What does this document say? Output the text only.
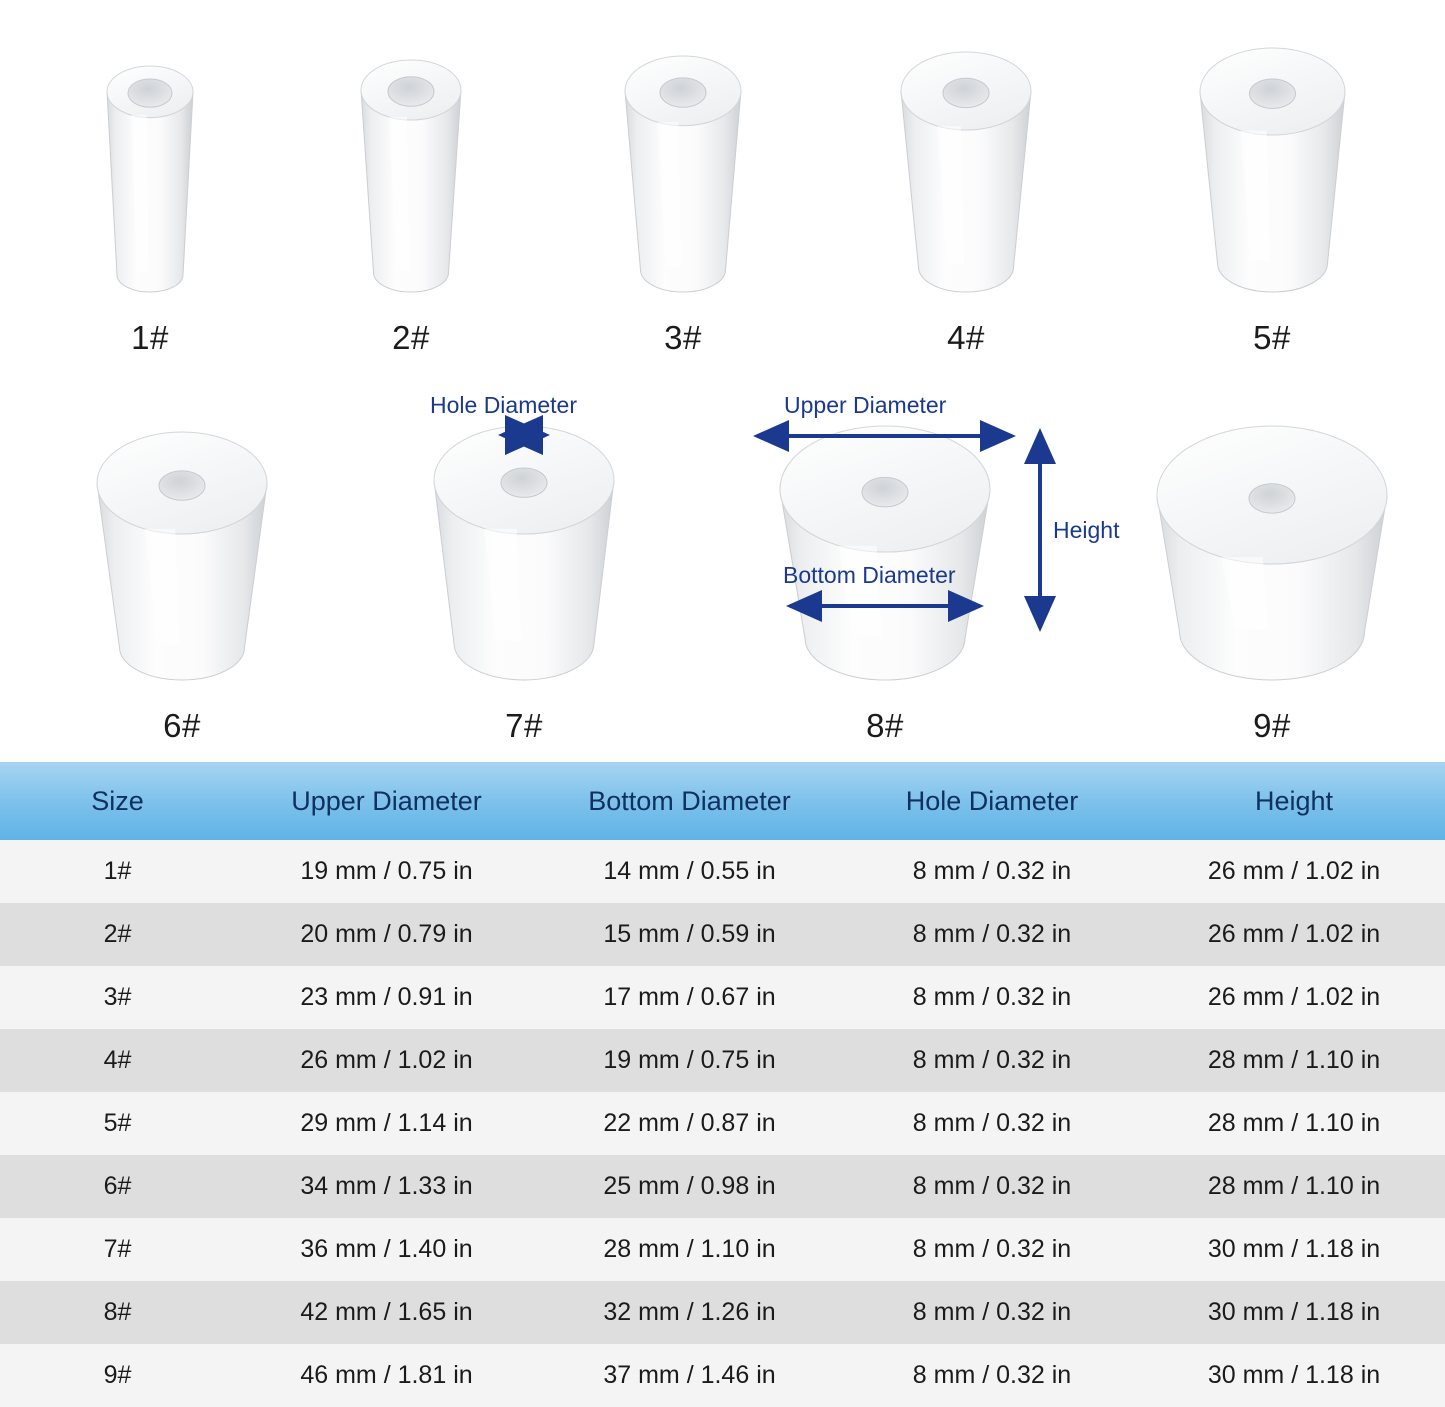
1#	2#	3#	4#	5#
6#	7#	8#	9#
Hole Diameter	Upper Diameter
Bottom Diameter
Height
Size	Upper Diameter	Bottom Diameter	Hole Diameter	Height
1#	19 mm / 0.75 in	14 mm / 0.55 in	8 mm / 0.32 in	26 mm / 1.02 in
2#	20 mm / 0.79 in	15 mm / 0.59 in	8 mm / 0.32 in	26 mm / 1.02 in
3#	23 mm / 0.91 in	17 mm / 0.67 in	8 mm / 0.32 in	26 mm / 1.02 in
4#	26 mm / 1.02 in	19 mm / 0.75 in	8 mm / 0.32 in	28 mm / 1.10 in
5#	29 mm / 1.14 in	22 mm / 0.87 in	8 mm / 0.32 in	28 mm / 1.10 in
6#	34 mm / 1.33 in	25 mm / 0.98 in	8 mm / 0.32 in	28 mm / 1.10 in
7#	36 mm / 1.40 in	28 mm / 1.10 in	8 mm / 0.32 in	30 mm / 1.18 in
8#	42 mm / 1.65 in	32 mm / 1.26 in	8 mm / 0.32 in	30 mm / 1.18 in
9#	46 mm / 1.81 in	37 mm / 1.46 in	8 mm / 0.32 in	30 mm / 1.18 in
